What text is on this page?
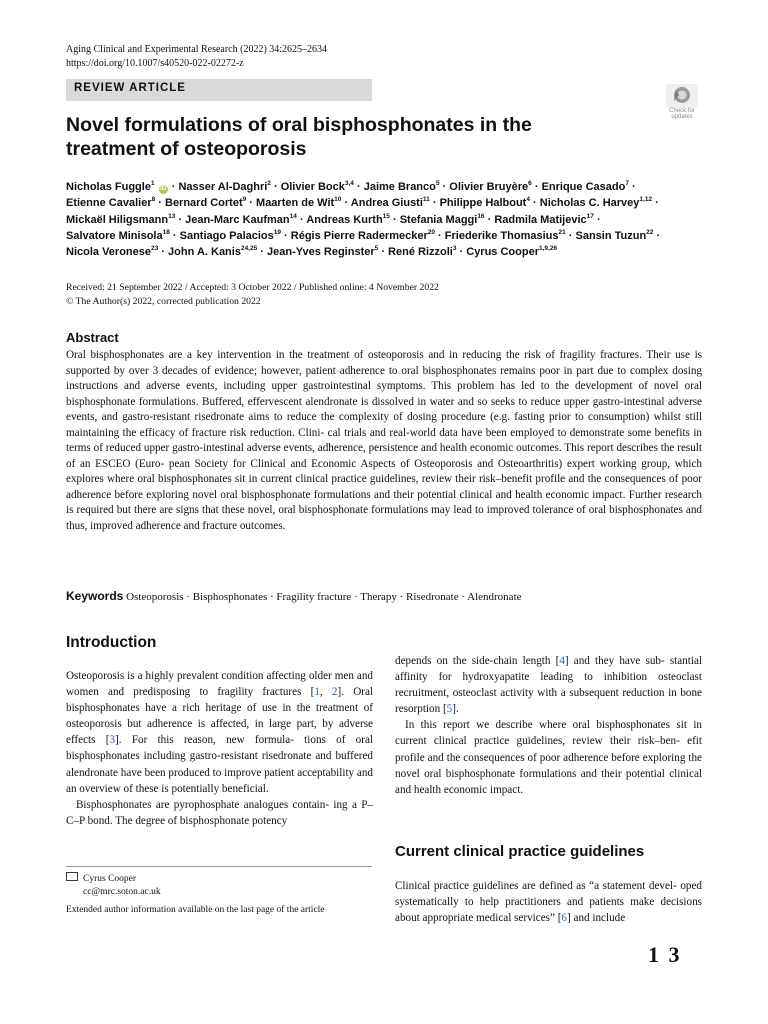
Aging Clinical and Experimental Research (2022) 34:2625–2634
https://doi.org/10.1007/s40520-022-02272-z
REVIEW ARTICLE
Check for
updates
Novel formulations of oral bisphosphonates in the
treatment of osteoporosis
Nicholas Fuggle$^1$ iD · Nasser Al-Daghri$^2$ · Olivier Bock$^{3,4}$ · Jaime Branco$^5$ · Olivier Bruyère$^6$ · Enrique Casado$^7$ ·
Etienne Cavalier$^8$ · Bernard Cortet$^9$ · Maarten de Wit$^{10}$ · Andrea Giusti$^{11}$ · Philippe Halbout$^4$ · Nicholas C. Harvey$^{1,12}$ ·
Mickaël Hiligsmann$^{13}$ · Jean-Marc Kaufman$^{14}$ · Andreas Kurth$^{15}$ · Stefania Maggi$^{16}$ · Radmila Matijevic$^{17}$ ·
Salvatore Minisola$^{18}$ · Santiago Palacios$^{19}$ · Régis Pierre Radermecker$^{20}$ · Friederike Thomasius$^{21}$ · Sansin Tuzun$^{22}$ ·
Nicola Veronese$^{23}$ · John A. Kanis$^{24,25}$ · Jean-Yves Reginster$^5$ · René Rizzoli$^3$ · Cyrus Cooper$^{1,9,26}$
Received: 21 September 2022 / Accepted: 3 October 2022 / Published online: 4 November 2022
© The Author(s) 2022, corrected publication 2022
Abstract
Oral bisphosphonates are a key intervention in the treatment of osteoporosis and in reducing the risk of fragility fractures. Their use is supported by over 3 decades of evidence; however, patient adherence to oral bisphosphonates remains poor in part due to complex dosing instructions and adverse events, including upper gastrointestinal symptoms. This problem has led to the development of novel oral bisphosphonate formulations. Buffered, effervescent alendronate is dissolved in water and so seeks to reduce upper gastro-intestinal adverse events, and gastro-resistant risedronate aims to reduce the complexity of dosing procedure (e.g. fasting prior to consumption) whilst still maintaining the efficacy of fracture risk reduction. Clini- cal trials and real-world data have been employed to demonstrate some benefits in terms of reduced upper gastro-intestinal adverse events, adherence, persistence and health economic outcomes. This report describes the result of an ESCEO (Euro- pean Society for Clinical and Economic Aspects of Osteoporosis and Osteoarthritis) expert working group, which explores where oral bisphosphonates sit in current clinical practice guidelines, review their risk–benefit profile and the consequences of poor adherence before exploring novel oral bisphosphonate formulations and their potential clinical and health economic impact. Further research is required but there are signs that these novel, oral bisphosphonate formulations may lead to improved tolerance of oral bisphosphonates and thus, improved adherence and fracture outcomes.
Keywords Osteoporosis · Bisphosphonates · Fragility fracture · Therapy · Risedronate · Alendronate
Introduction

Osteoporosis is a highly prevalent condition affecting older men and women and predisposing to fragility fractures [1, 2]. Oral bisphosphonates have a rich heritage of use in the treatment of osteoporosis but adherence is affected, in large part, by adverse effects [3]. For this reason, new formula- tions of oral bisphosphonates including gastro-resistant risedronate and buffered alendronate have been produced to improve patient acceptability and an overview of these is potentially beneficial.

Bisphosphonates are pyrophosphate analogues contain- ing a P–C–P bond. The degree of bisphosphonate potency

depends on the side-chain length [4] and they have sub- stantial affinity for hydroxyapatite leading to inhibition osteoclast recruitment, osteoclast activity with a subsequent reduction in bone resorption [5].

In this report we describe where oral bisphosphonates sit in current clinical practice guidelines, review their risk–ben- efit profile and the consequences of poor adherence before exploring the novel oral bisphosphonate formulations and their potential clinical and health economic impact.

Cyrus Cooper
cc@mrc.soton.ac.uk
Extended author information available on the last page of the article
Current clinical practice guidelines

Clinical practice guidelines are defined as “a statement devel- oped systematically to help practitioners and patients make decisions about appropriate medical services” [6] and include

1 3
